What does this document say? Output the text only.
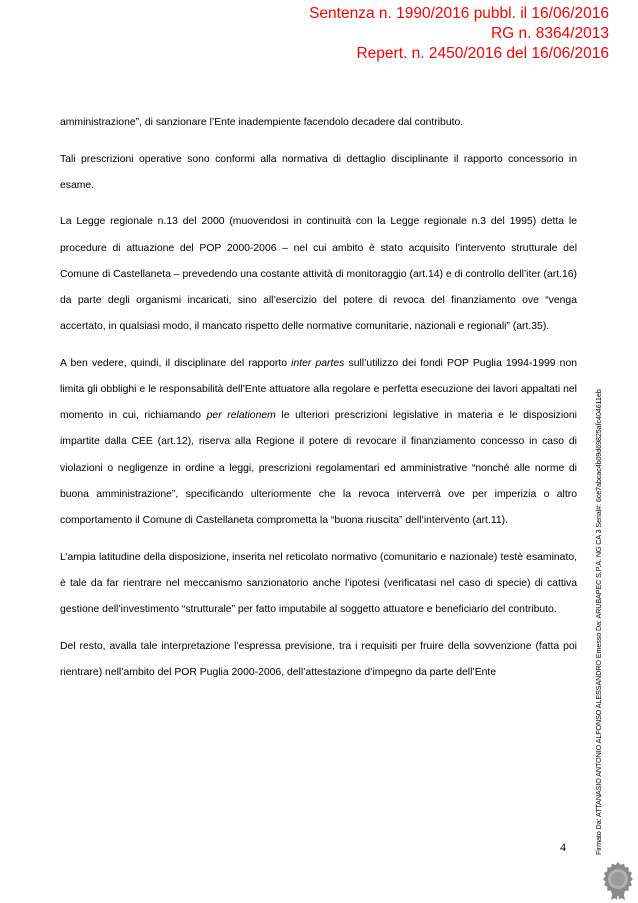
Sentenza n. 1990/2016 pubbl. il 16/06/2016
RG n. 8364/2013
Repert. n. 2450/2016 del 16/06/2016

amministrazione”, di sanzionare l’Ente inadempiente facendolo decadere dal contributo.

Tali prescrizioni operative sono conformi alla normativa di dettaglio disciplinante il rapporto concessorio in esame.

La Legge regionale n.13 del 2000 (muovendosi in continuità con la Legge regionale n.3 del 1995) detta le procedure di attuazione del POP 2000-2006 – nel cui ambito è stato acquisito l’intervento strutturale del Comune di Castellaneta – prevedendo una costante attività di monitoraggio (art.14) e di controllo dell’iter (art.16) da parte degli organismi incaricati, sino all’esercizio del potere di revoca del finanziamento ove “venga accertato, in qualsiasi modo, il mancato rispetto delle normative comunitarie, nazionali e regionali” (art.35).

A ben vedere, quindi, il disciplinare del rapporto inter partes sull’utilizzo dei fondi POP Puglia 1994-1999 non limita gli obblighi e le responsabilità dell’Ente attuatore alla regolare e perfetta esecuzione dei lavori appaltati nel momento in cui, richiamando per relationem le ulteriori prescrizioni legislative in materia e le disposizioni impartite dalla CEE (art.12), riserva alla Regione il potere di revocare il finanziamento concesso in caso di violazioni o negligenze in ordine a leggi, prescrizioni regolamentari ed amministrative “nonché alle norme di buona amministrazione”, specificando ulteriormente che la revoca interverrà ove per imperizia o altro comportamento il Comune di Castellaneta comprometta la “buona riuscita” dell’intervento (art.11).

L’ampia latitudine della disposizione, inserita nel reticolato normativo (comunitario e nazionale) testè esaminato, è tale da far rientrare nel meccanismo sanzionatorio anche l’ipotesi (verificatasi nel caso di specie) di cattiva gestione dell’investimento “strutturale” per fatto imputabile al soggetto attuatore e beneficiario del contributo.

Del resto, avalla tale interpretazione l’espressa previsione, tra i requisiti per fruire della sovvenzione (fatta poi rientrare) nell’ambito del POR Puglia 2000-2006, dell’attestazione d’impegno da parte dell’Ente

4	Firmato Da: ATTANASIO ANTONIO ALFONSO ALESSANDRO Emesso Da: ARUBAPEC S.P.A. NG CA 3 Serial#: 6ce7abcac4b09d69825afc404611eb
